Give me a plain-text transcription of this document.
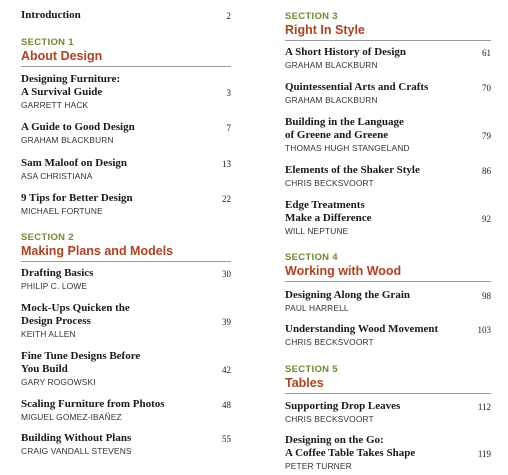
Introduction	2
SECTION 1
About Design
Designing Furniture:
A Survival Guide
GARRETT HACK
3
A Guide to Good Design
GRAHAM BLACKBURN
7
Sam Maloof on Design
ASA CHRISTIANA
13
9 Tips for Better Design
MICHAEL FORTUNE
22
SECTION 2
Making Plans and Models
Drafting Basics
PHILIP C. LOWE
30
Mock-Ups Quicken the
Design Process
KEITH ALLEN
39
Fine Tune Designs Before
You Build
GARY ROGOWSKI
42
Scaling Furniture from Photos
MIGUEL GOMEZ-IBAÑEZ
48
Building Without Plans
CRAIG VANDALL STEVENS
55
SECTION 3
Right In Style
A Short History of Design
GRAHAM BLACKBURN
61
Quintessential Arts and Crafts
GRAHAM BLACKBURN
70
Building in the Language
of Greene and Greene
THOMAS HUGH STANGELAND
79
Elements of the Shaker Style
CHRIS BECKSVOORT
86
Edge Treatments
Make a Difference
WILL NEPTUNE
92
SECTION 4
Working with Wood
Designing Along the Grain
PAUL HARRELL
98
Understanding Wood Movement
CHRIS BECKSVOORT
103
SECTION 5
Tables
Supporting Drop Leaves
CHRIS BECKSVOORT
112
Designing on the Go:
A Coffee Table Takes Shape
PETER TURNER
119
